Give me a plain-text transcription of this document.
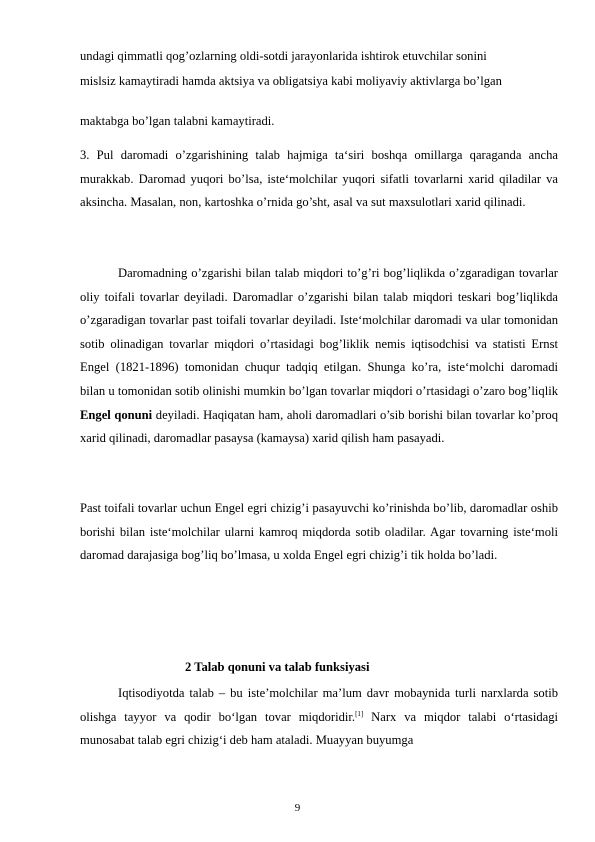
undagi qimmatli qog’ozlarning oldi-sotdi jarayonlarida ishtirok etuvchilar sonini
mislsiz kamaytiradi hamda aktsiya va obligatsiya kabi moliyaviy aktivlarga bo’lgan
maktabga bo’lgan talabni kamaytiradi.
3. Pul daromadi o’zgarishining talab hajmiga ta‘siri boshqa omillarga qaraganda ancha murakkab. Daromad yuqori bo’lsa, iste‘molchilar yuqori sifatli tovarlarni xarid qiladilar va aksincha. Masalan, non, kartoshka o’rnida go’sht, asal va sut maxsulotlari xarid qilinadi.
Daromadning o’zgarishi bilan talab miqdori to’g’ri bog’liqlikda o’zgaradigan tovarlar oliy toifali tovarlar deyiladi. Daromadlar o’zgarishi bilan talab miqdori teskari bog’liqlikda o’zgaradigan tovarlar past toifali tovarlar deyiladi. Iste‘molchilar daromadi va ular tomonidan sotib olinadigan tovarlar miqdori o’rtasidagi bog’liklik nemis iqtisodchisi va statisti Ernst Engel (1821-1896) tomonidan chuqur tadqiq etilgan. Shunga ko’ra, iste‘molchi daromadi bilan u tomonidan sotib olinishi mumkin bo’lgan tovarlar miqdori o’rtasidagi o’zaro bog’liqlik Engel qonuni deyiladi. Haqiqatan ham, aholi daromadlari o’sib borishi bilan tovarlar ko’proq xarid qilinadi, daromadlar pasaysa (kamaysa) xarid qilish ham pasayadi.
Past toifali tovarlar uchun Engel egri chizig’i pasayuvchi ko’rinishda bo’lib, daromadlar oshib borishi bilan iste‘molchilar ularni kamroq miqdorda sotib oladilar. Agar tovarning iste‘moli daromad darajasiga bog’liq bo’lmasa, u xolda Engel egri chizig’i tik holda bo’ladi.
2 Talab qonuni va talab funksiyasi
Iqtisodiyotda talab – bu iste’molchilar ma’lum davr mobaynida turli narxlarda sotib olishga tayyor va qodir bo‘lgan tovar miqdoridir.[1] Narx va miqdor talabi o‘rtasidagi munosabat talab egri chizig‘i deb ham ataladi. Muayyan buyumga
9
